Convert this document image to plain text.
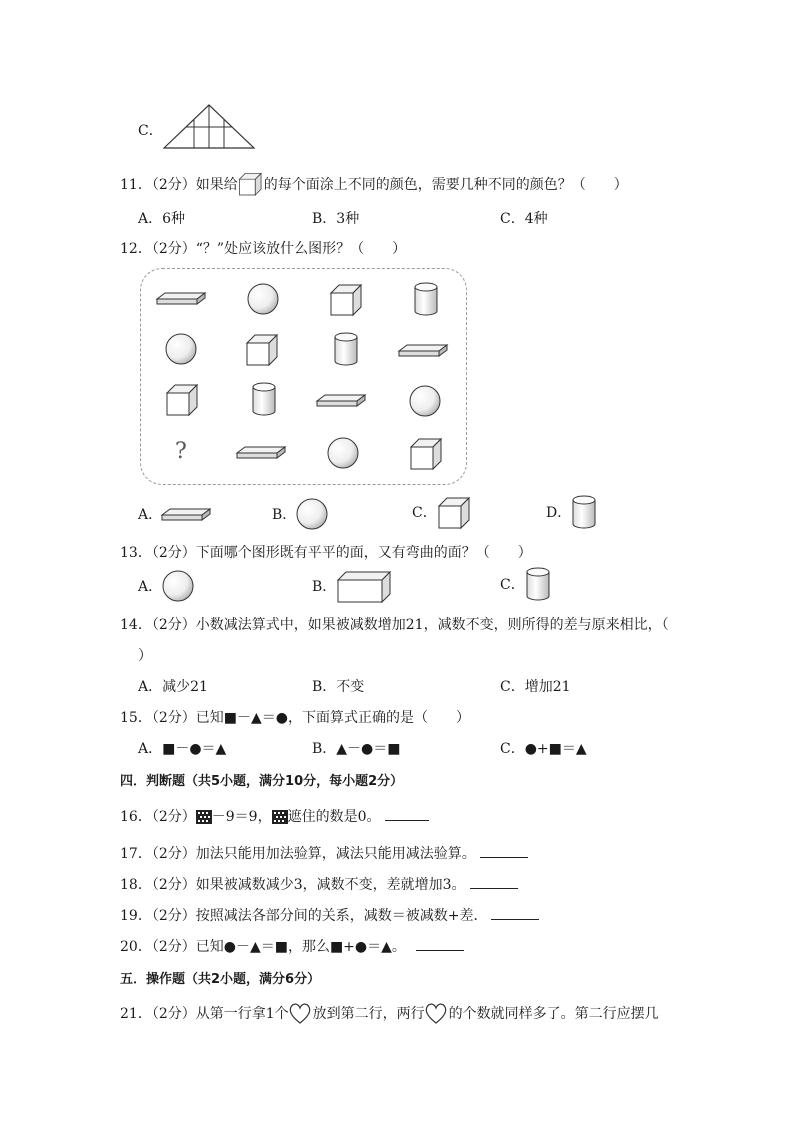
C．
11．（2分）如果给 的每个面涂上不同的颜色，需要几种不同的颜色？（　　）
A．6种	B．3种	C．4种
12．（2分）“？”处应该放什么图形？（　　）
?
A．	B．	C．	D．
13．（2分）下面哪个图形既有平平的面，又有弯曲的面？（　　）
A．	B．	C．
14．（2分）小数减法算式中，如果被减数增加21，减数不变，则所得的差与原来相比，（
）
A．减少21	B．不变	C．增加21
15．（2分）已知■－▲＝●，下面算式正确的是（　　）
A．■－●＝▲	B．▲－●＝■	C．●+■＝▲
四．判断题（共5小题，满分10分，每小题2分）
16．（2分） －9＝9， 遮住的数是0。
17．（2分）加法只能用加法验算，减法只能用减法验算。
18．（2分）如果被减数减少3，减数不变，差就增加3。
19．（2分）按照减法各部分间的关系，减数＝被减数+差．
20．（2分）已知●－▲＝■，那么■+●＝▲。
五．操作题（共2小题，满分6分）
21．（2分）从第一行拿1个 放到第二行，两行 的个数就同样多了。第二行应摆几
